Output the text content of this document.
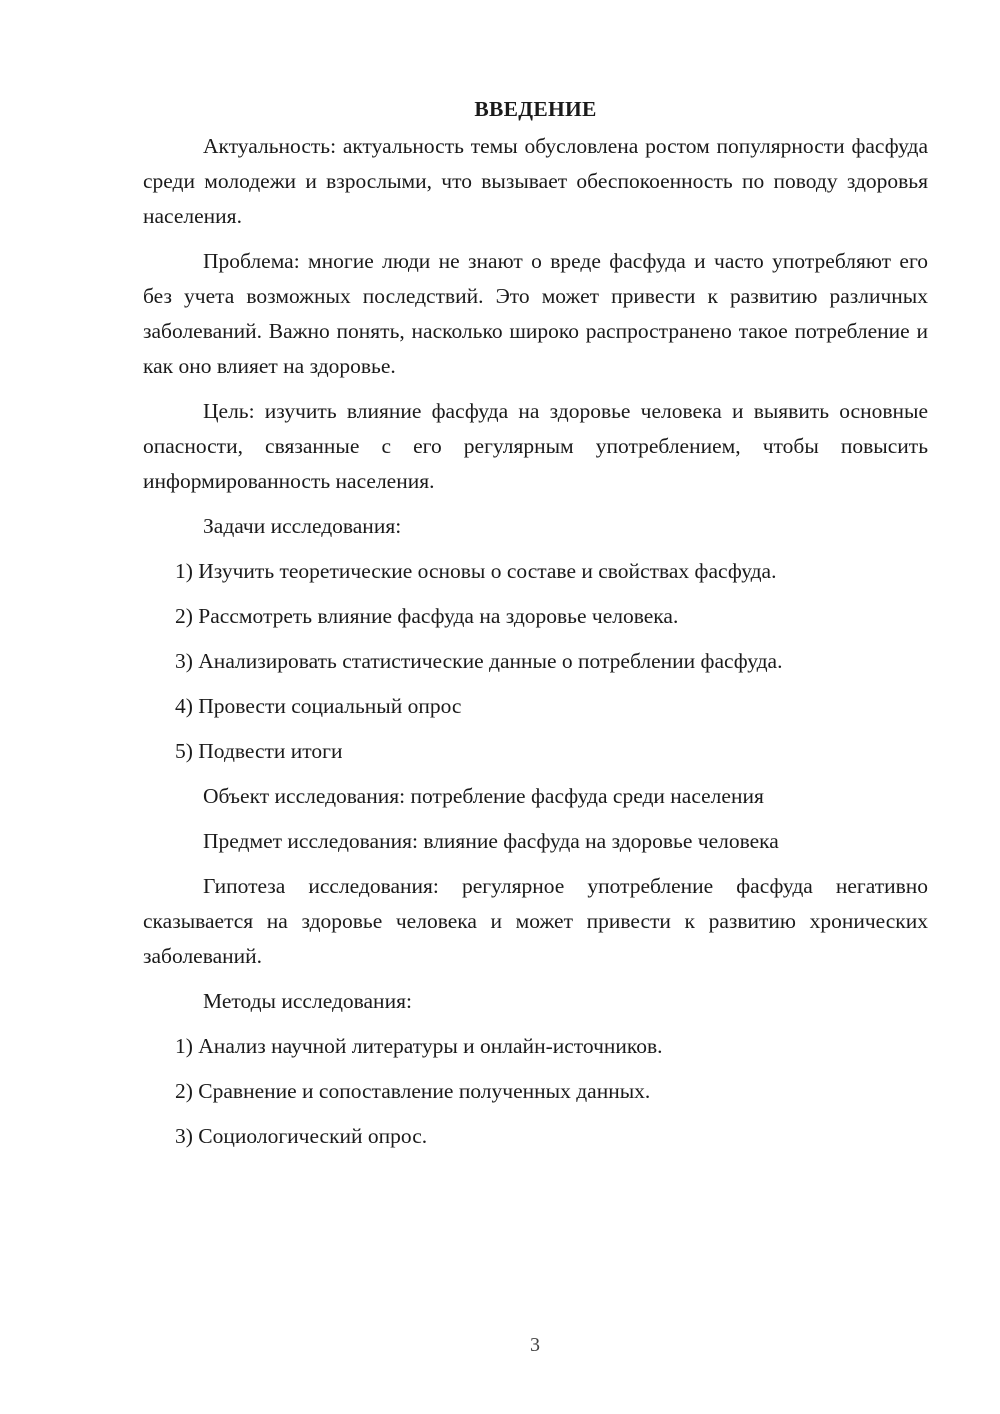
ВВЕДЕНИЕ
Актуальность: актуальность темы обусловлена ростом популярности фасфуда среди молодежи и взрослыми, что вызывает обеспокоенность по поводу здоровья населения.
Проблема: многие люди не знают о вреде фасфуда и часто употребляют его без учета возможных последствий. Это может привести к развитию различных заболеваний. Важно понять, насколько широко распространено такое потребление и как оно влияет на здоровье.
Цель: изучить влияние фасфуда на здоровье человека и выявить основные опасности, связанные с его регулярным употреблением, чтобы повысить информированность населения.
Задачи исследования:
1) Изучить теоретические основы о составе и свойствах фасфуда.
2) Рассмотреть влияние фасфуда на здоровье человека.
3) Анализировать статистические данные о потреблении фасфуда.
4) Провести социальный опрос
5) Подвести итоги
Объект исследования: потребление фасфуда среди населения
Предмет исследования: влияние фасфуда на здоровье человека
Гипотеза исследования: регулярное употребление фасфуда негативно сказывается на здоровье человека и может привести к развитию хронических заболеваний.
Методы исследования:
1) Анализ научной литературы и онлайн-источников.
2) Сравнение и сопоставление полученных данных.
3) Социологический опрос.
3
